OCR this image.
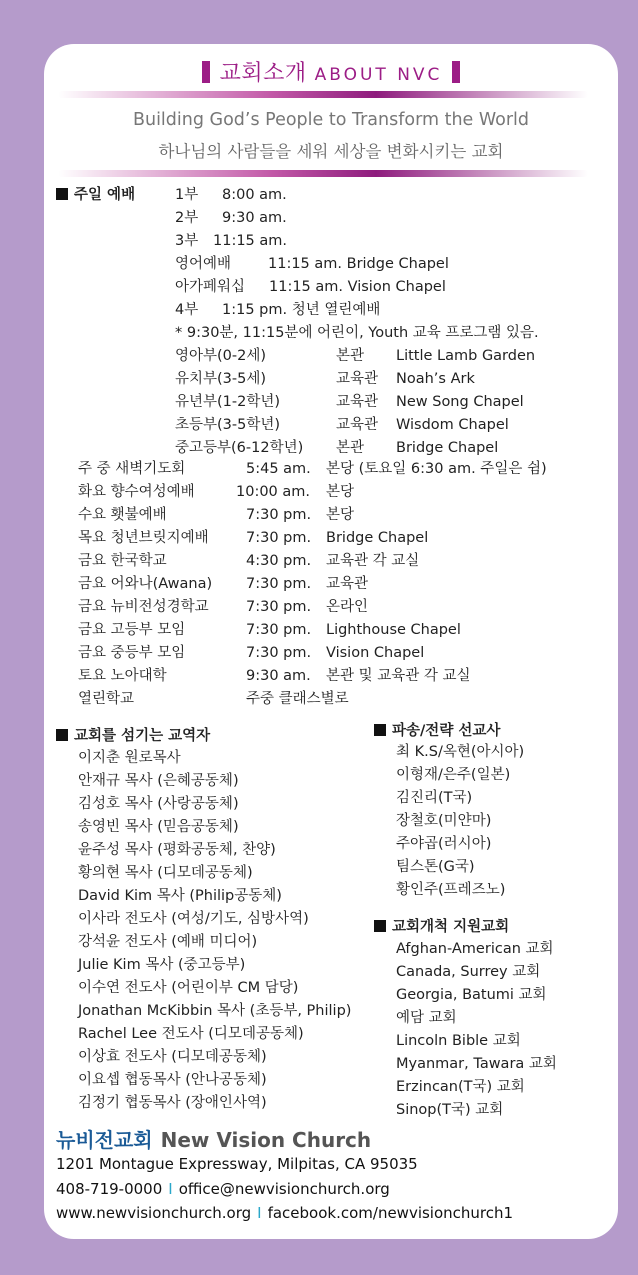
교회소개 ABOUT NVC
Building God’s People to Transform the World
하나님의 사람들을 세워 세상을 변화시키는 교회
주일 예배	1부 8:00 am.
2부 9:30 am.
3부 11:15 am.
영어예배	11:15 am. Bridge Chapel
아가페워십 11:15 am. Vision Chapel
4부 1:15 pm. 청년 열린예배
* 9:30분, 11:15분에 어린이, Youth 교육 프로그램 있음.
영아부(0-2세)	본관 Little Lamb Garden
유치부(3-5세)	교육관 Noah’s Ark
유년부(1-2학년)	교육관 New Song Chapel
초등부(3-5학년)	교육관 Wisdom Chapel
중고등부(6-12학년) 본관 Bridge Chapel
주 중 새벽기도회	5:45 am. 본당 (토요일 6:30 am. 주일은 쉼)
화요 향수여성예배	10:00 am. 본당
수요 횃불예배	7:30 pm. 본당
목요 청년브릿지예배	7:30 pm. Bridge Chapel
금요 한국학교	4:30 pm. 교육관 각 교실
금요 어와나(Awana) 7:30 pm. 교육관
금요 뉴비전성경학교	7:30 pm. 온라인
금요 고등부 모임	7:30 pm. Lighthouse Chapel
금요 중등부 모임	7:30 pm. Vision Chapel
토요 노아대학	9:30 am. 본관 및 교육관 각 교실
열린학교	주중 클래스별로
교회를 섬기는 교역자
이지춘 원로목사
안재규 목사 (은혜공동체)
김성호 목사 (사랑공동체)
송영빈 목사 (믿음공동체)
윤주성 목사 (평화공동체, 찬양)
황의현 목사 (디모데공동체)
David Kim 목사 (Philip공동체)
이사라 전도사 (여성/기도, 심방사역)
강석윤 전도사 (예배 미디어)
Julie Kim 목사 (중고등부)
이수연 전도사 (어린이부 CM 담당)
Jonathan McKibbin 목사 (초등부, Philip)
Rachel Lee 전도사 (디모데공동체)
이상효 전도사 (디모데공동체)
이요셉 협동목사 (안나공동체)
김정기 협동목사 (장애인사역)
파송/전략 선교사
최 K.S/옥현(아시아)
이형재/은주(일본)
김진리(T국)
장철호(미얀마)
주야곱(러시아)
팀스톤(G국)
황인주(프레즈노)
교회개척 지원교회
Afghan-American 교회
Canada, Surrey 교회
Georgia, Batumi 교회
예담 교회
Lincoln Bible 교회
Myanmar, Tawara 교회
Erzincan(T국) 교회
Sinop(T국) 교회
뉴비전교회 New Vision Church
1201 Montague Expressway, Milpitas, CA 95035
408-719-0000 I office@newvisionchurch.org
www.newvisionchurch.org I facebook.com/newvisionchurch1
